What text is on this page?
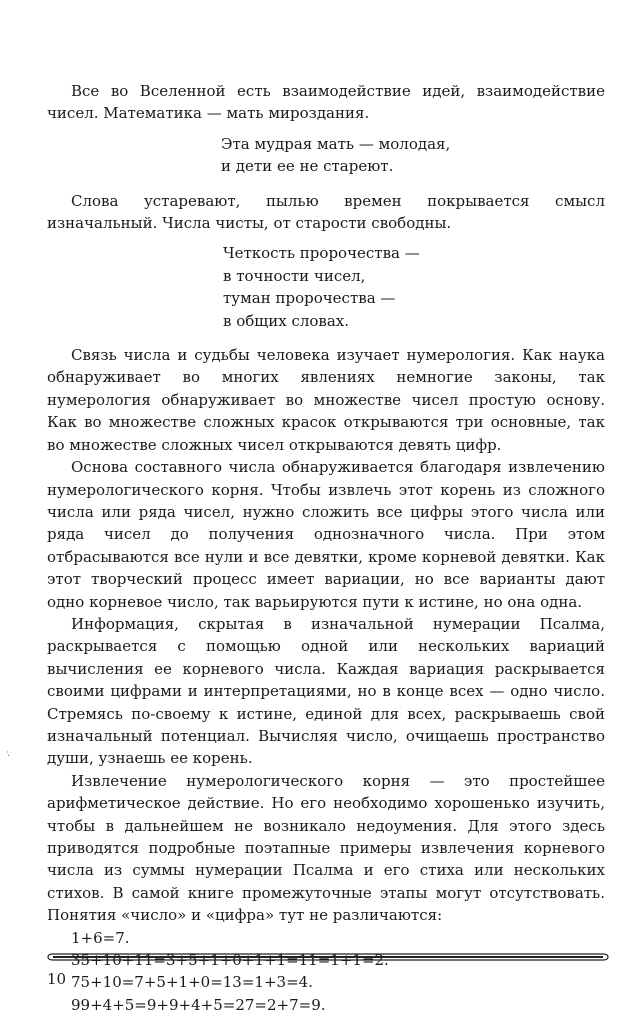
Все во Вселенной есть взаимодействие идей, взаимодействие чисел. Математика — мать мироздания.

Эта мудрая мать — молодая,
и дети ее не стареют.

Слова устаревают, пылью времен покрывается смысл изначальный. Числа чисты, от старости свободны.

Четкость пророчества —
в точности чисел,
туман пророчества —
в общих словах.

Связь числа и судьбы человека изучает нумерология. Как наука обнаруживает во многих явлениях немногие законы, так нумерология обнаруживает во множестве чисел простую основу. Как во множестве сложных красок открываются три основные, так во множестве сложных чисел открываются девять цифр.

Основа составного числа обнаруживается благодаря извлечению нумерологического корня. Чтобы извлечь этот корень из сложного числа или ряда чисел, нужно сложить все цифры этого числа или ряда чисел до получения однозначного числа. При этом отбрасываются все нули и все девятки, кроме корневой девятки. Как этот творческий процесс имеет вариации, но все варианты дают одно корневое число, так варьируются пути к истине, но она одна.

Информация, скрытая в изначальной нумерации Псалма, раскрывается с помощью одной или нескольких вариаций вычисления ее корневого числа. Каждая вариация раскрывается своими цифрами и интерпретациями, но в конце всех — одно число. Стремясь по-своему к истине, единой для всех, раскрываешь свой изначальный потенциал. Вычисляя число, очищаешь пространство души, узнаешь ее корень.

Извлечение нумерологического корня — это простейшее арифметическое действие. Но его необходимо хорошенько изучить, чтобы в дальнейшем не возникало недоумения. Для этого здесь приводятся подробные поэтапные примеры извлечения корневого числа из суммы нумерации Псалма и его стиха или нескольких стихов. В самой книге промежуточные этапы могут отсутствовать. Понятия «число» и «цифра» тут не различаются:

1+6=7.
35+10+11=3+5+1+0+1+1=11=1+1=2.
75+10=7+5+1+0=13=1+3=4.
99+4+5=9+9+4+5=27=2+7=9.
10
·̇
